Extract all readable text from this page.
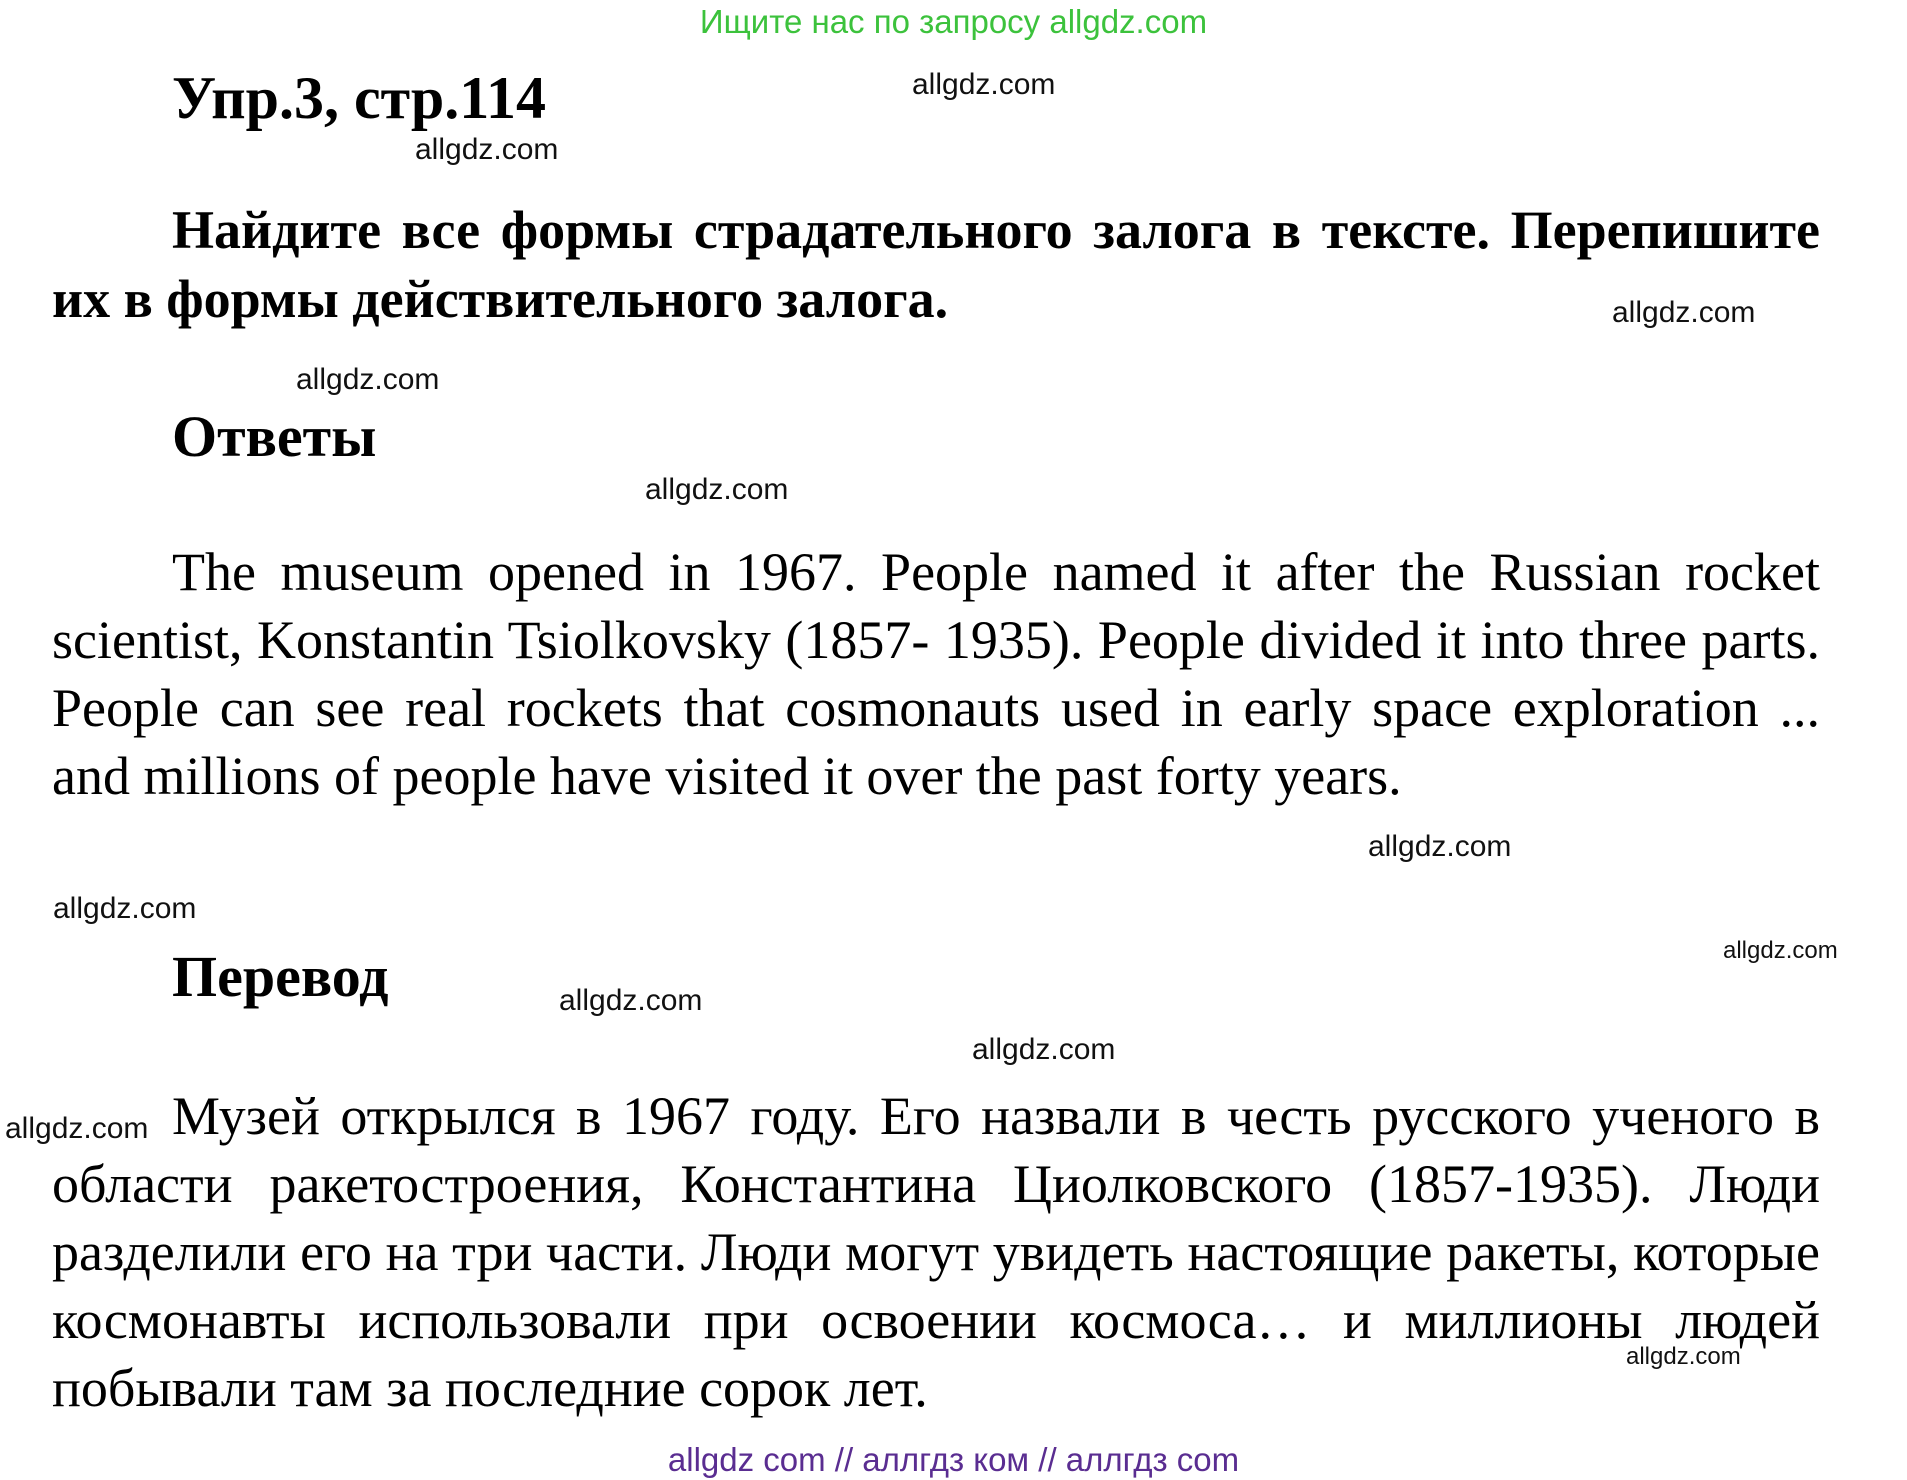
Ищите нас по запросу allgdz.com
Упр.3, стр.114

Найдите все формы страдательного залога в тексте. Перепишите их в формы действительного залога.

Ответы

The museum opened in 1967. People named it after the Russian rocket scientist, Konstantin Tsiolkovsky (1857- 1935). People divided it into three parts. People can see real rockets that cosmonauts used in early space exploration ... and millions of people have visited it over the past forty years.

Перевод

Музей открылся в 1967 году. Его назвали в честь русского ученого в области ракетостроения, Константина Циолковского (1857-1935). Люди разделили его на три части. Люди могут увидеть настоящие ракеты, которые космонавты использовали при освоении космоса… и миллионы людей побывали там за последние сорок лет.

allgdz.com
allgdz.com
allgdz.com
allgdz.com
allgdz.com
allgdz.com
allgdz.com
allgdz.com
allgdz.com
allgdz.com
allgdz.com
allgdz.com
allgdz com // аллгдз ком // аллгдз com
